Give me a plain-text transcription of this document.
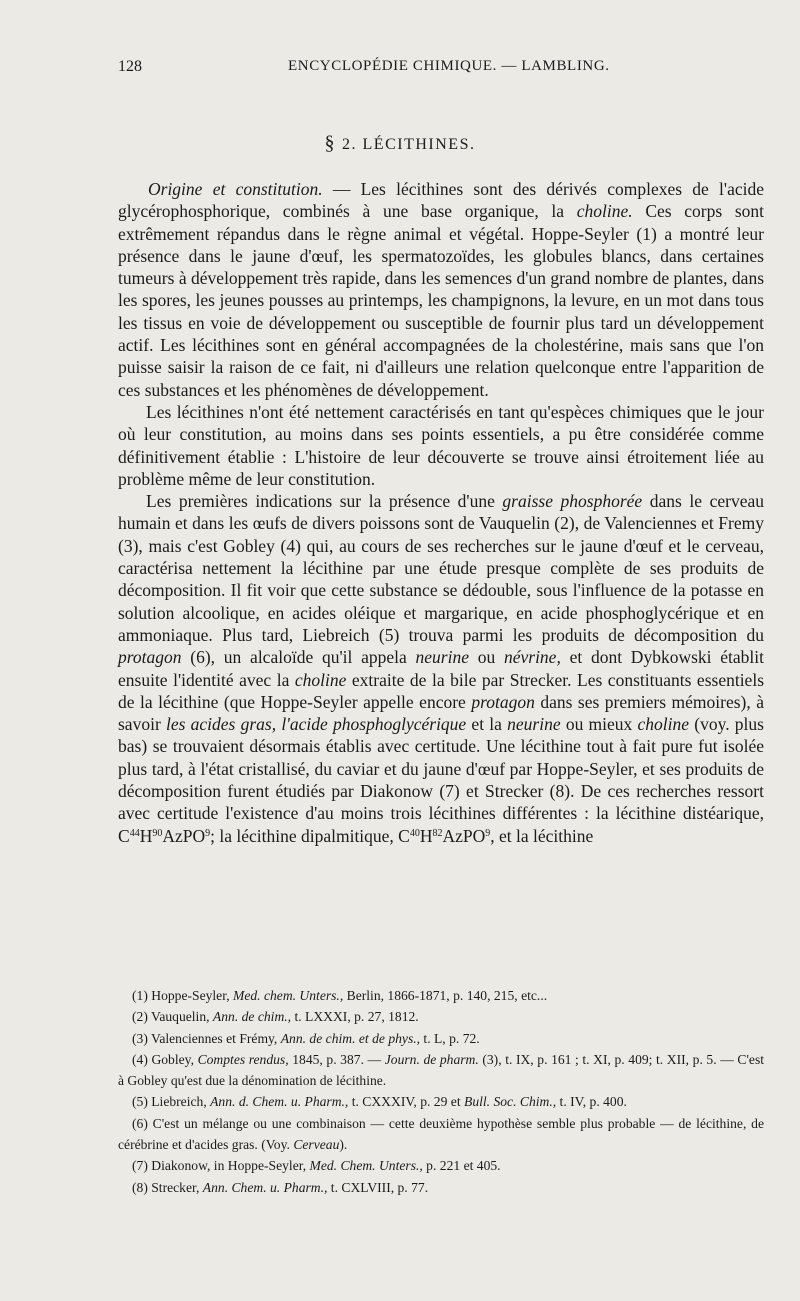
128	ENCYCLOPÉDIE CHIMIQUE. — LAMBLING.
§ 2. LÉCITHINES.

Origine et constitution. — Les lécithines sont des dérivés complexes de l'acide glycérophosphorique, combinés à une base organique, la choline. Ces corps sont extrêmement répandus dans le règne animal et végétal. Hoppe-Seyler (1) a montré leur présence dans le jaune d'œuf, les spermatozoïdes, les globules blancs, dans certaines tumeurs à développement très rapide, dans les semences d'un grand nombre de plantes, dans les spores, les jeunes pousses au printemps, les champignons, la levure, en un mot dans tous les tissus en voie de développement ou susceptible de fournir plus tard un développement actif. Les lécithines sont en général accompagnées de la cholestérine, mais sans que l'on puisse saisir la raison de ce fait, ni d'ailleurs une relation quelconque entre l'apparition de ces substances et les phénomènes de développement.

Les lécithines n'ont été nettement caractérisés en tant qu'espèces chimiques que le jour où leur constitution, au moins dans ses points essentiels, a pu être considérée comme définitivement établie : L'histoire de leur découverte se trouve ainsi étroitement liée au problème même de leur constitution.

Les premières indications sur la présence d'une graisse phosphorée dans le cerveau humain et dans les œufs de divers poissons sont de Vauquelin (2), de Valenciennes et Fremy (3), mais c'est Gobley (4) qui, au cours de ses recherches sur le jaune d'œuf et le cerveau, caractérisa nettement la lécithine par une étude presque complète de ses produits de décomposition. Il fit voir que cette substance se dédouble, sous l'influence de la potasse en solution alcoolique, en acides oléique et margarique, en acide phosphoglycérique et en ammoniaque. Plus tard, Liebreich (5) trouva parmi les produits de décomposition du protagon (6), un alcaloïde qu'il appela neurine ou névrine, et dont Dybkowski établit ensuite l'identité avec la choline extraite de la bile par Strecker. Les constituants essentiels de la lécithine (que Hoppe-Seyler appelle encore protagon dans ses premiers mémoires), à savoir les acides gras, l'acide phosphoglycérique et la neurine ou mieux choline (voy. plus bas) se trouvaient désormais établis avec certitude. Une lécithine tout à fait pure fut isolée plus tard, à l'état cristallisé, du caviar et du jaune d'œuf par Hoppe-Seyler, et ses produits de décomposition furent étudiés par Diakonow (7) et Strecker (8). De ces recherches ressort avec certitude l'existence d'au moins trois lécithines différentes : la lécithine distéarique, $C^{44}H^{90}AzPO^9$; la lécithine dipalmitique, $C^{40}H^{82}AzPO^9$, et la lécithine

(1) Hoppe-Seyler, Med. chem. Unters., Berlin, 1866-1871, p. 140, 215, etc...

(2) Vauquelin, Ann. de chim., t. LXXXI, p. 27, 1812.

(3) Valenciennes et Frémy, Ann. de chim. et de phys., t. L, p. 72.

(4) Gobley, Comptes rendus, 1845, p. 387. — Journ. de pharm. (3), t. IX, p. 161 ; t. XI, p. 409; t. XII, p. 5. — C'est à Gobley qu'est due la dénomination de lécithine.

(5) Liebreich, Ann. d. Chem. u. Pharm., t. CXXXIV, p. 29 et Bull. Soc. Chim., t. IV, p. 400.

(6) C'est un mélange ou une combinaison — cette deuxième hypothèse semble plus probable — de lécithine, de cérébrine et d'acides gras. (Voy. Cerveau).

(7) Diakonow, in Hoppe-Seyler, Med. Chem. Unters., p. 221 et 405.

(8) Strecker, Ann. Chem. u. Pharm., t. CXLVIII, p. 77.
